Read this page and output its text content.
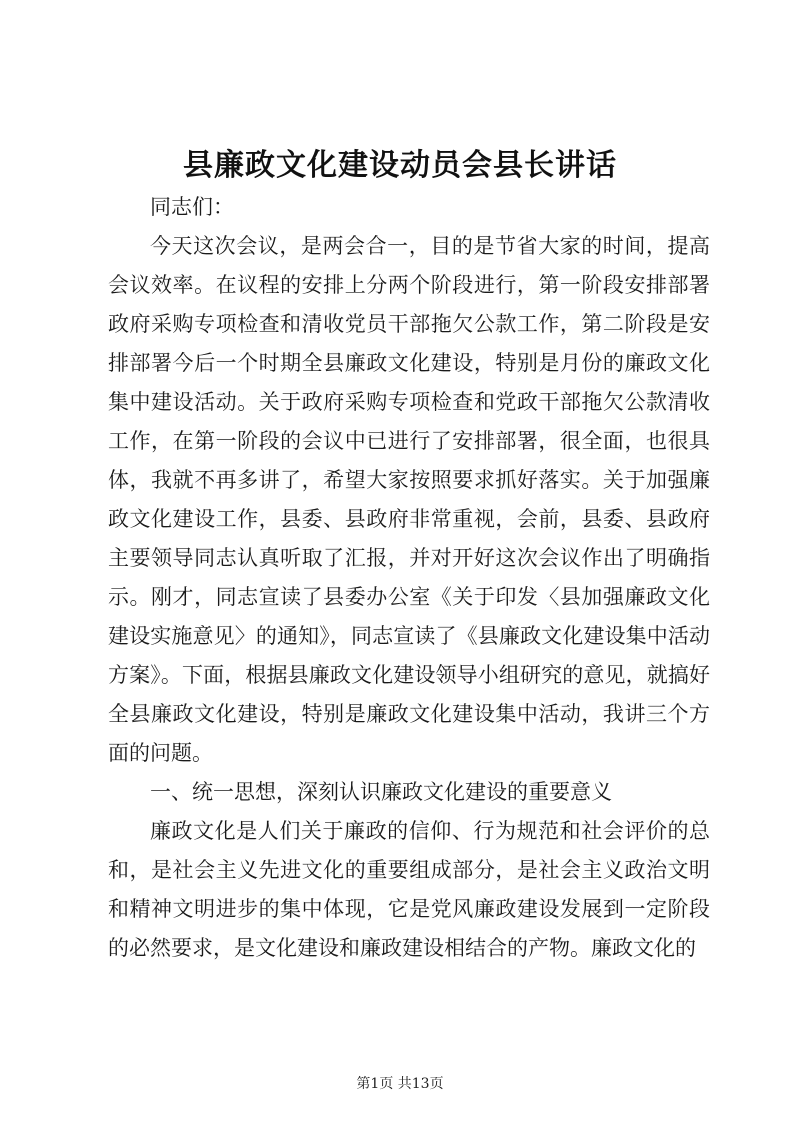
县廉政文化建设动员会县长讲话

同志们：

今天这次会议，是两会合一，目的是节省大家的时间，提高会议效率。在议程的安排上分两个阶段进行，第一阶段安排部署政府采购专项检查和清收党员干部拖欠公款工作，第二阶段是安排部署今后一个时期全县廉政文化建设，特别是月份的廉政文化集中建设活动。关于政府采购专项检查和党政干部拖欠公款清收工作，在第一阶段的会议中已进行了安排部署，很全面，也很具体，我就不再多讲了，希望大家按照要求抓好落实。关于加强廉政文化建设工作，县委、县政府非常重视，会前，县委、县政府主要领导同志认真听取了汇报，并对开好这次会议作出了明确指示。刚才，同志宣读了县委办公室《关于印发〈县加强廉政文化建设实施意见〉的通知》，同志宣读了《县廉政文化建设集中活动方案》。下面，根据县廉政文化建设领导小组研究的意见，就搞好全县廉政文化建设，特别是廉政文化建设集中活动，我讲三个方面的问题。

一、统一思想，深刻认识廉政文化建设的重要意义

廉政文化是人们关于廉政的信仰、行为规范和社会评价的总和，是社会主义先进文化的重要组成部分，是社会主义政治文明和精神文明进步的集中体现，它是党风廉政建设发展到一定阶段的必然要求，是文化建设和廉政建设相结合的产物。廉政文化的

第1页 共13页
